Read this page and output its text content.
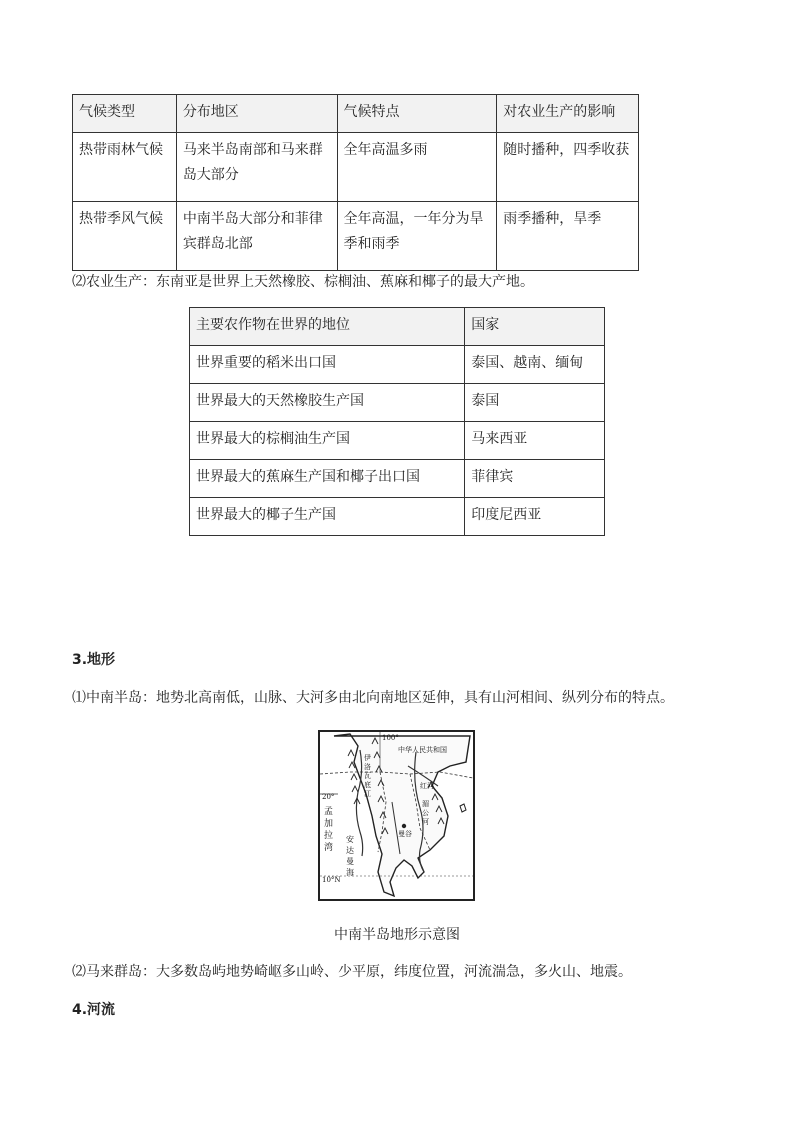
气候类型	分布地区	气候特点	对农业生产的影响
热带雨林气候	马来半岛南部和马来群岛大部分	全年高温多雨	随时播种，四季收获
热带季风气候	中南半岛大部分和菲律宾群岛北部	全年高温，一年分为旱季和雨季	雨季播种，旱季
⑵农业生产：东南亚是世界上天然橡胶、棕榈油、蕉麻和椰子的最大产地。
主要农作物在世界的地位	国家
世界重要的稻米出口国	泰国、越南、缅甸
世界最大的天然橡胶生产国	泰国
世界最大的棕榈油生产国	马来西亚
世界最大的蕉麻生产国和椰子出口国	菲律宾
世界最大的椰子生产国	印度尼西亚
3.地形
⑴中南半岛：地势北高南低，山脉、大河多由北向南地区延伸，具有山河相间、纵列分布的特点。
100°
中华人民共和国
20°
孟
加
拉
湾
安
达
曼
海
10°N
湄
公
河
红河
曼谷
伊
洛
瓦
底
江
中南半岛地形示意图
⑵马来群岛：大多数岛屿地势崎岖多山岭、少平原，纬度位置，河流湍急，多火山、地震。
4.河流
